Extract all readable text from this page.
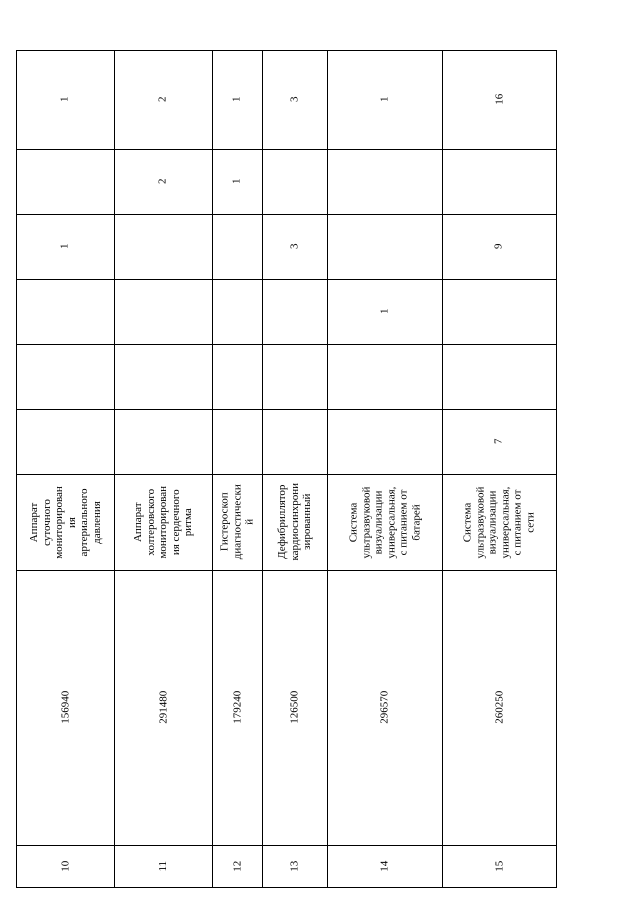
1
1
Аппарат
суточного
мониторирован
ия
артериального
давления
156940
10
2
2
Аппарат
холтеровского
мониторирован
ия сердечного
ритма
291480
11
1
1
Гистероскоп
диагностически
й
179240
12
3
3
Дефибриллятор
кардиосинхрони
зированный
126500
13
1
1
Система
ультразвуковой
визуализации
универсальная,
с питанием от
батарей
296570
14
16
9
7
Система
ультразвуковой
визуализации
универсальная,
с питанием от
сети
260250
15
